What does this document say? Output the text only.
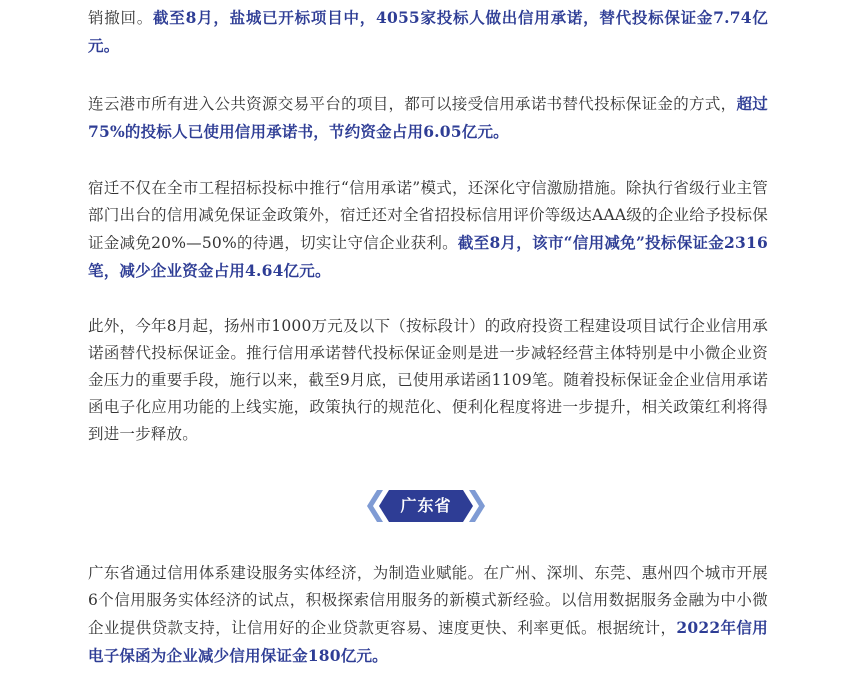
销撤回。截至8月，盐城已开标项目中，4055家投标人做出信用承诺，替代投标保证金7.74亿元。

连云港市所有进入公共资源交易平台的项目，都可以接受信用承诺书替代投标保证金的方式，超过75%的投标人已使用信用承诺书，节约资金占用6.05亿元。

宿迁不仅在全市工程招标投标中推行“信用承诺”模式，还深化守信激励措施。除执行省级行业主管部门出台的信用减免保证金政策外，宿迁还对全省招投标信用评价等级达AAA级的企业给予投标保证金减免20%—50%的待遇，切实让守信企业获利。截至8月，该市“信用减免”投标保证金2316笔，减少企业资金占用4.64亿元。

此外，今年8月起，扬州市1000万元及以下（按标段计）的政府投资工程建设项目试行企业信用承诺函替代投标保证金。推行信用承诺替代投标保证金则是进一步减轻经营主体特别是中小微企业资金压力的重要手段，施行以来，截至9月底，已使用承诺函1109笔。随着投标保证金企业信用承诺函电子化应用功能的上线实施，政策执行的规范化、便利化程度将进一步提升，相关政策红利将得到进一步释放。

广东省通过信用体系建设服务实体经济，为制造业赋能。在广州、深圳、东莞、惠州四个城市开展6个信用服务实体经济的试点，积极探索信用服务的新模式新经验。以信用数据服务金融为中小微企业提供贷款支持，让信用好的企业贷款更容易、速度更快、利率更低。根据统计，2022年信用电子保函为企业减少信用保证金180亿元。

广东省
